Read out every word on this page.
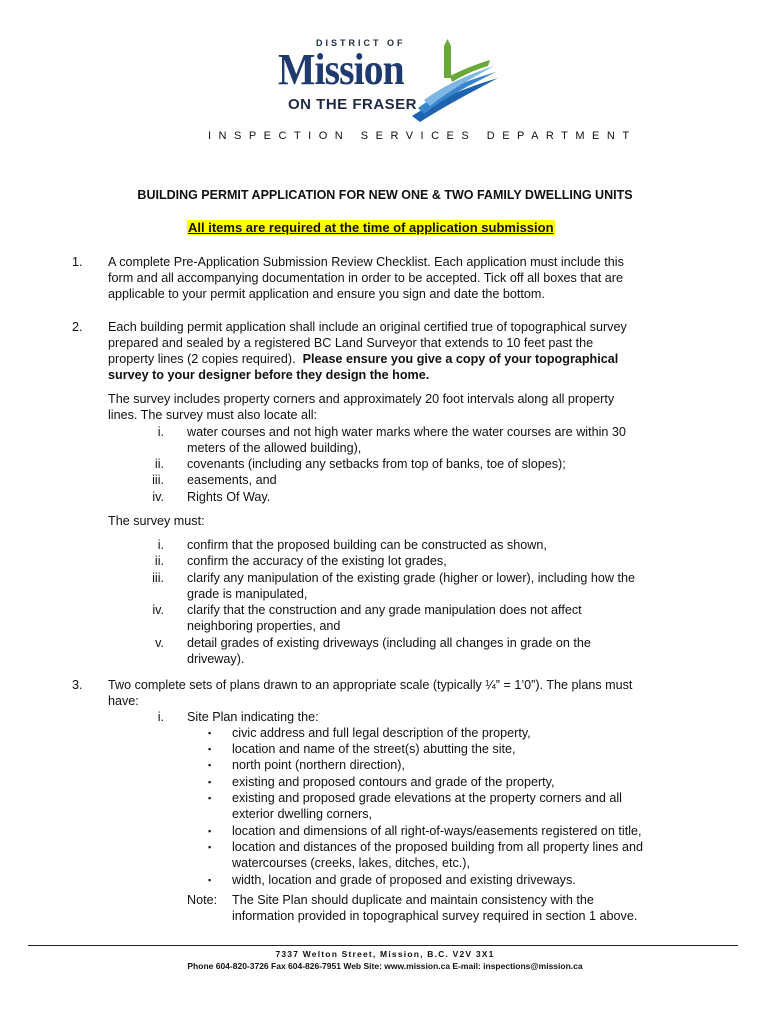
DISTRICT OF
Mission
ON THE FRASER
INSPECTION SERVICES DEPARTMENT
BUILDING PERMIT APPLICATION FOR NEW ONE & TWO FAMILY DWELLING UNITS
All items are required at the time of application submission
1. A complete Pre-Application Submission Review Checklist. Each application must include this
form and all accompanying documentation in order to be accepted. Tick off all boxes that are
applicable to your permit application and ensure you sign and date the bottom.
2. Each building permit application shall include an original certified true of topographical survey
prepared and sealed by a registered BC Land Surveyor that extends to 10 feet past the
property lines (2 copies required). Please ensure you give a copy of your topographical
survey to your designer before they design the home.
The survey includes property corners and approximately 20 foot intervals along all property
lines. The survey must also locate all:
i. water courses and not high water marks where the water courses are within 30
meters of the allowed building),
ii. covenants (including any setbacks from top of banks, toe of slopes);
iii. easements, and
iv. Rights Of Way.
The survey must:
i. confirm that the proposed building can be constructed as shown,
ii. confirm the accuracy of the existing lot grades,
iii. clarify any manipulation of the existing grade (higher or lower), including how the
grade is manipulated,
iv. clarify that the construction and any grade manipulation does not affect
neighboring properties, and
v. detail grades of existing driveways (including all changes in grade on the
driveway).
3. Two complete sets of plans drawn to an appropriate scale (typically ¼” = 1’0”). The plans must
have:
i. Site Plan indicating the:
▪ civic address and full legal description of the property,
▪ location and name of the street(s) abutting the site,
▪ north point (northern direction),
▪ existing and proposed contours and grade of the property,
▪ existing and proposed grade elevations at the property corners and all
exterior dwelling corners,
▪ location and dimensions of all right-of-ways/easements registered on title,
▪ location and distances of the proposed building from all property lines and
watercourses (creeks, lakes, ditches, etc.),
▪ width, location and grade of proposed and existing driveways.
Note: The Site Plan should duplicate and maintain consistency with the
information provided in topographical survey required in section 1 above.
7337 Welton Street, Mission, B.C. V2V 3X1
Phone 604-820-3726 Fax 604-826-7951 Web Site: www.mission.ca E-mail: inspections@mission.ca
